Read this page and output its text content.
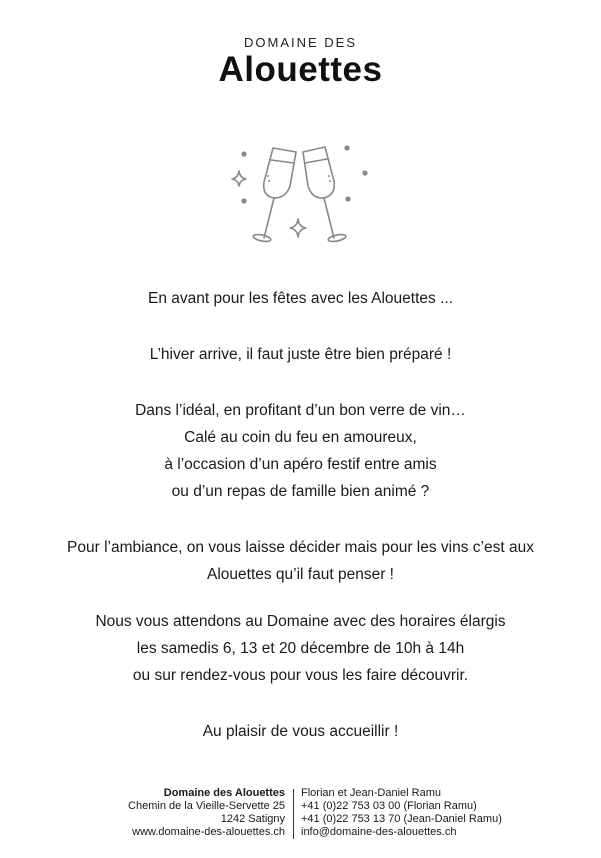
DOMAINE DES
Alouettes

En avant pour les fêtes avec les Alouettes ...

L’hiver arrive, il faut juste être bien préparé !

Dans l’idéal, en profitant d’un bon verre de vin…

Calé au coin du feu en amoureux,

à l’occasion d’un apéro festif entre amis

ou d’un repas de famille bien animé ?

Pour l’ambiance, on vous laisse décider mais pour les vins c’est aux

Alouettes qu’il faut penser !

Nous vous attendons au Domaine avec des horaires élargis

les samedis 6, 13 et 20 décembre de 10h à 14h

ou sur rendez-vous pour vous les faire découvrir.

Au plaisir de vous accueillir !

Domaine des Alouettes
Chemin de la Vieille-Servette 25
1242 Satigny
www.domaine-des-alouettes.ch
Florian et Jean-Daniel Ramu
+41 (0)22 753 03 00 (Florian Ramu)
+41 (0)22 753 13 70 (Jean-Daniel Ramu)
info@domaine-des-alouettes.ch
